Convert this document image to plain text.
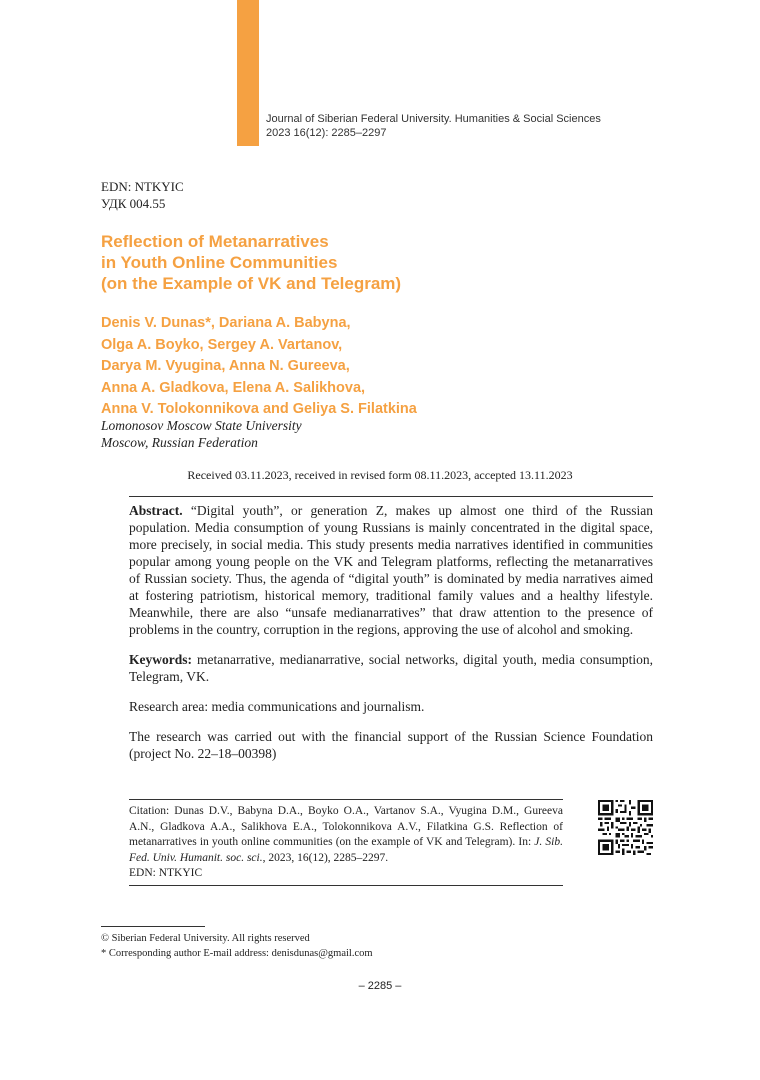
Journal of Siberian Federal University. Humanities & Social Sciences
2023 16(12): 2285–2297
EDN: NTKYIC
УДК 004.55
Reflection of Metanarratives
in Youth Online Communities
(on the Example of VK and Telegram)
Denis V. Dunas*, Dariana A. Babyna,
Olga A. Boyko, Sergey A. Vartanov,
Darya M. Vyugina, Anna N. Gureeva,
Anna A. Gladkova, Elena A. Salikhova,
Anna V. Tolokonnikova and Geliya S. Filatkina
Lomonosov Moscow State University
Moscow, Russian Federation
Received 03.11.2023, received in revised form 08.11.2023, accepted 13.11.2023

Abstract. “Digital youth”, or generation Z, makes up almost one third of the Russian population. Media consumption of young Russians is mainly concentrated in the digital space, more precisely, in social media. This study presents media narratives identified in communities popular among young people on the VK and Telegram platforms, reflecting the metanarratives of Russian society. Thus, the agenda of “digital youth” is dominated by media narratives aimed at fostering patriotism, historical memory, traditional family values and a healthy lifestyle. Meanwhile, there are also “unsafe medianarratives” that draw attention to the presence of problems in the country, corruption in the regions, approving the use of alcohol and smoking.

Keywords: metanarrative, medianarrative, social networks, digital youth, media consumption, Telegram, VK.

Research area: media communications and journalism.

The research was carried out with the financial support of the Russian Science Foundation (project No. 22–18–00398)

Citation: Dunas D.V., Babyna D.A., Boyko O.A., Vartanov S.A., Vyugina D.M., Gureeva A.N., Gladkova A.A., Salikhova E.A., Tolokonnikova A.V., Filatkina G.S. Reflection of metanarratives in youth online communities (on the example of VK and Telegram). In: J. Sib. Fed. Univ. Humanit. soc. sci., 2023, 16(12), 2285–2297.
EDN: NTKYIC
© Siberian Federal University. All rights reserved
* Corresponding author E-mail address: denisdunas@gmail.com
– 2285 –
